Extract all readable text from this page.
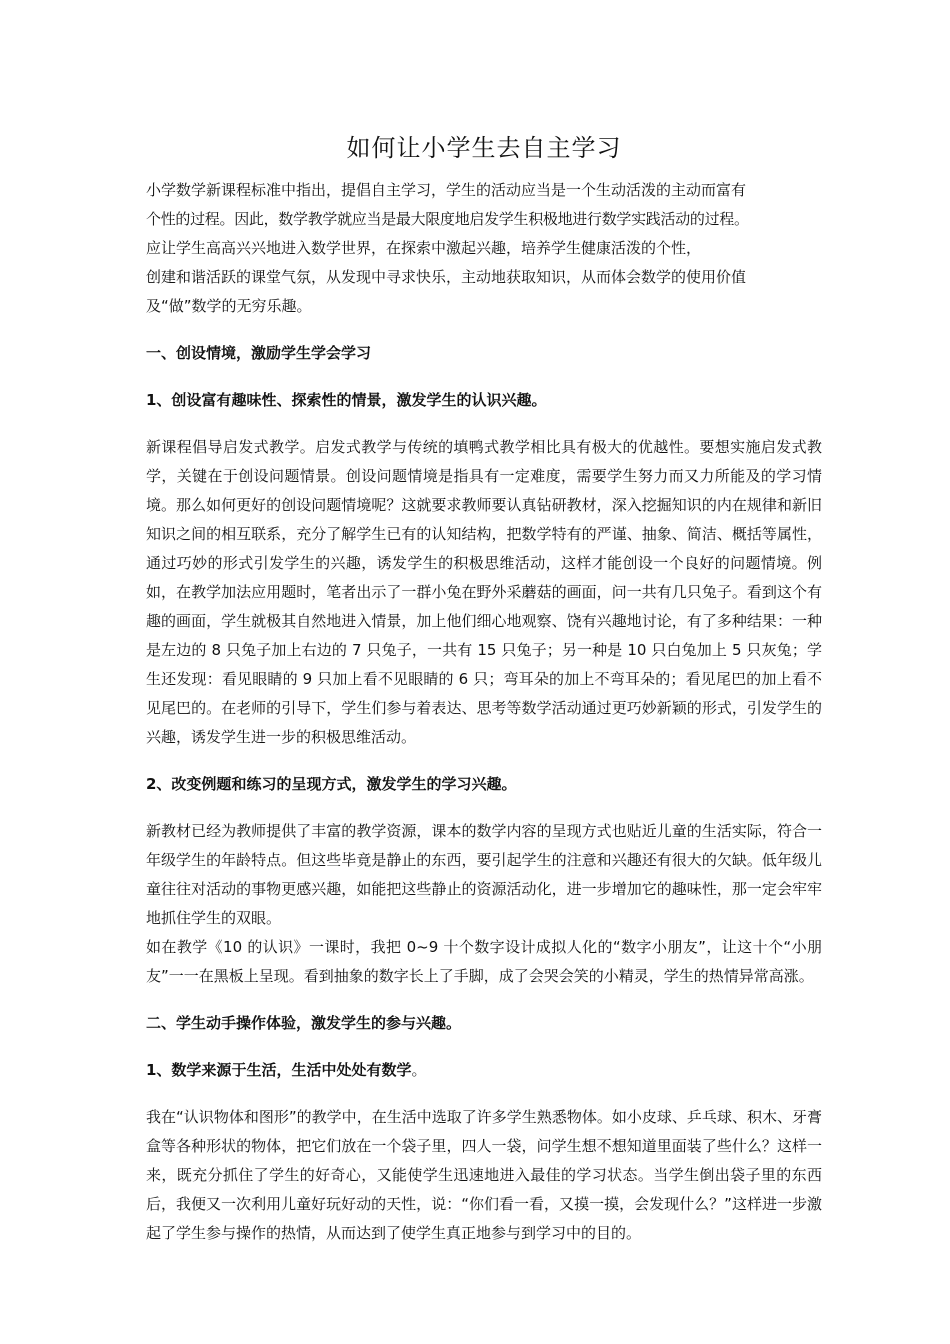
如何让小学生去自主学习

小学数学新课程标准中指出，提倡自主学习，学生的活动应当是一个生动活泼的主动而富有

个性的过程。因此，数学教学就应当是最大限度地启发学生积极地进行数学实践活动的过程。

应让学生高高兴兴地进入数学世界，在探索中激起兴趣，培养学生健康活泼的个性，

创建和谐活跃的课堂气氛，从发现中寻求快乐，主动地获取知识，从而体会数学的使用价值

及“做”数学的无穷乐趣。

一、创设情境，激励学生学会学习

1、创设富有趣味性、探索性的情景，激发学生的认识兴趣。

新课程倡导启发式教学。启发式教学与传统的填鸭式教学相比具有极大的优越性。要想实施启发式教学，关键在于创设问题情景。创设问题情境是指具有一定难度，需要学生努力而又力所能及的学习情境。那么如何更好的创设问题情境呢？这就要求教师要认真钻研教材，深入挖掘知识的内在规律和新旧知识之间的相互联系，充分了解学生已有的认知结构，把数学特有的严谨、抽象、简洁、概括等属性，通过巧妙的形式引发学生的兴趣，诱发学生的积极思维活动，这样才能创设一个良好的问题情境。例如，在教学加法应用题时，笔者出示了一群小兔在野外采蘑菇的画面，问一共有几只兔子。看到这个有趣的画面，学生就极其自然地进入情景，加上他们细心地观察、饶有兴趣地讨论，有了多种结果：一种是左边的 8 只兔子加上右边的 7 只兔子，一共有 15 只兔子；另一种是 10 只白兔加上 5 只灰兔；学生还发现：看见眼睛的 9 只加上看不见眼睛的 6 只；弯耳朵的加上不弯耳朵的；看见尾巴的加上看不见尾巴的。在老师的引导下，学生们参与着表达、思考等数学活动通过更巧妙新颖的形式，引发学生的兴趣，诱发学生进一步的积极思维活动。

2、改变例题和练习的呈现方式，激发学生的学习兴趣。

新教材已经为教师提供了丰富的教学资源，课本的数学内容的呈现方式也贴近儿童的生活实际，符合一年级学生的年龄特点。但这些毕竟是静止的东西，要引起学生的注意和兴趣还有很大的欠缺。低年级儿童往往对活动的事物更感兴趣，如能把这些静止的资源活动化，进一步增加它的趣味性，那一定会牢牢地抓住学生的双眼。

如在教学《10 的认识》一课时，我把 0~9 十个数字设计成拟人化的“数字小朋友”，让这十个“小朋友”一一在黑板上呈现。看到抽象的数字长上了手脚，成了会哭会笑的小精灵，学生的热情异常高涨。

二、学生动手操作体验，激发学生的参与兴趣。

1、数学来源于生活，生活中处处有数学。

我在“认识物体和图形”的教学中，在生活中选取了许多学生熟悉物体。如小皮球、乒乓球、积木、牙膏盒等各种形状的物体，把它们放在一个袋子里，四人一袋，问学生想不想知道里面装了些什么？这样一来，既充分抓住了学生的好奇心，又能使学生迅速地进入最佳的学习状态。当学生倒出袋子里的东西后，我便又一次利用儿童好玩好动的天性，说：“你们看一看，又摸一摸，会发现什么？”这样进一步激起了学生参与操作的热情，从而达到了使学生真正地参与到学习中的目的。
